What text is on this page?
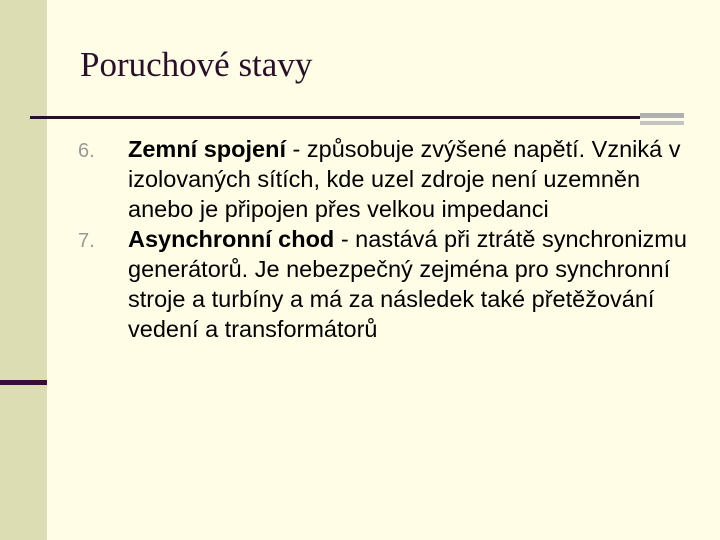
Poruchové stavy
6. Zemní spojení - způsobuje zvýšené napětí. Vzniká v izolovaných sítích, kde uzel zdroje není uzemněn anebo je připojen přes velkou impedanci
7. Asynchronní chod - nastává při ztrátě synchronizmu generátorů. Je nebezpečný zejména pro synchronní stroje a turbíny a má za následek také přetěžování vedení a transformátorů
